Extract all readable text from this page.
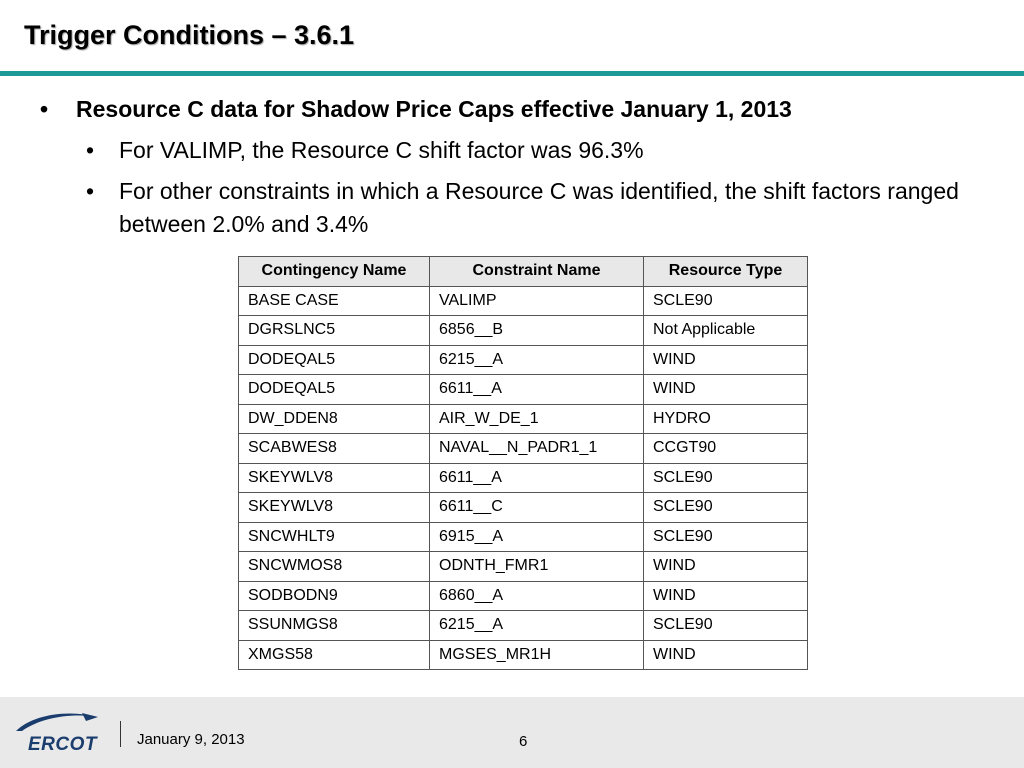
Trigger Conditions – 3.6.1
• Resource C data for Shadow Price Caps effective January 1, 2013
• For VALIMP, the Resource C shift factor was 96.3%
• For other constraints in which a Resource C was identified, the shift factors ranged between 2.0% and 3.4%
Contingency Name	Constraint Name	Resource Type
BASE CASE	VALIMP	SCLE90
DGRSLNC5	6856__B	Not Applicable
DODEQAL5	6215__A	WIND
DODEQAL5	6611__A	WIND
DW_DDEN8	AIR_W_DE_1	HYDRO
SCABWES8	NAVAL__N_PADR1_1	CCGT90
SKEYWLV8	6611__A	SCLE90
SKEYWLV8	6611__C	SCLE90
SNCWHLT9	6915__A	SCLE90
SNCWMOS8	ODNTH_FMR1	WIND
SODBODN9	6860__A	WIND
SSUNMGS8	6215__A	SCLE90
XMGS58	MGSES_MR1H	WIND
ERCOT	January 9, 2013	6
